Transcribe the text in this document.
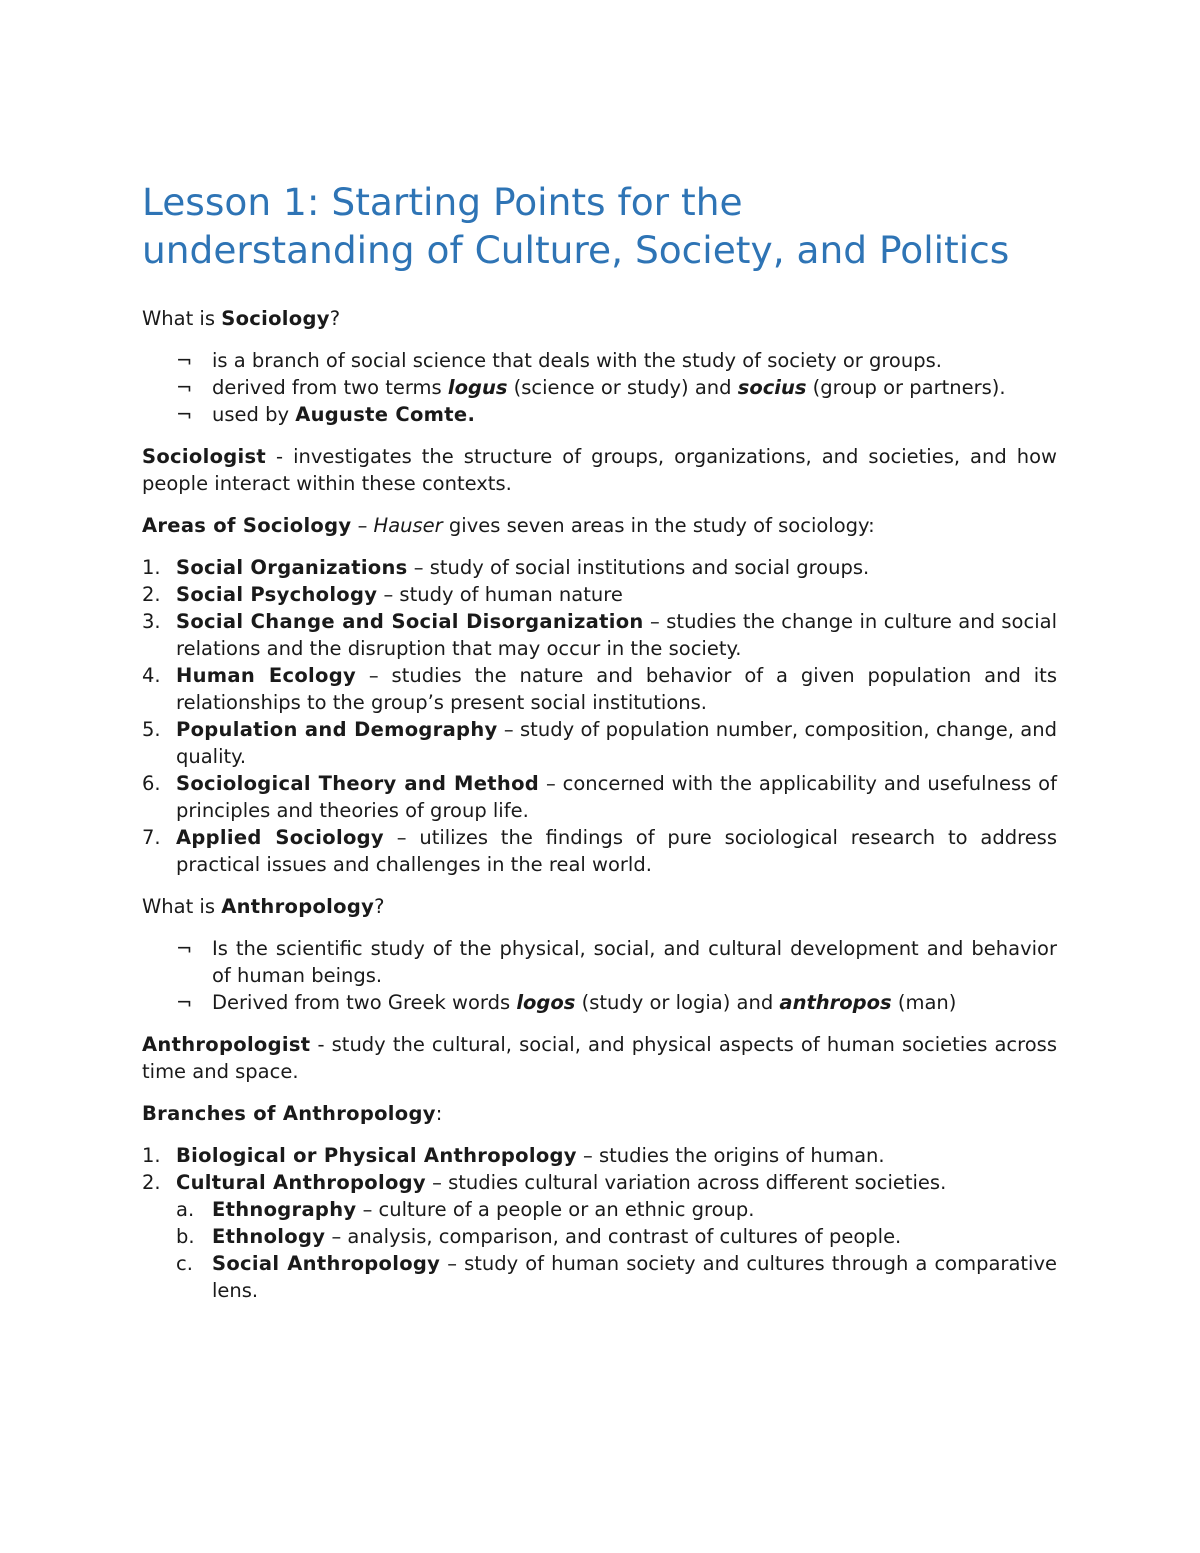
Lesson 1: Starting Points for the
understanding of Culture, Society, and Politics

What is Sociology?

¬ is a branch of social science that deals with the study of society or groups.
¬ derived from two terms logus (science or study) and socius (group or partners).
¬ used by Auguste Comte.

Sociologist - investigates the structure of groups, organizations, and societies, and how people interact within these contexts.

Areas of Sociology – Hauser gives seven areas in the study of sociology:

1. Social Organizations – study of social institutions and social groups.
2. Social Psychology – study of human nature
3. Social Change and Social Disorganization – studies the change in culture and social relations and the disruption that may occur in the society.
4. Human Ecology – studies the nature and behavior of a given population and its relationships to the group’s present social institutions.
5. Population and Demography – study of population number, composition, change, and quality.
6. Sociological Theory and Method – concerned with the applicability and usefulness of principles and theories of group life.
7. Applied Sociology – utilizes the findings of pure sociological research to address practical issues and challenges in the real world.

What is Anthropology?

¬ Is the scientific study of the physical, social, and cultural development and behavior of human beings.
¬ Derived from two Greek words logos (study or logia) and anthropos (man)

Anthropologist - study the cultural, social, and physical aspects of human societies across time and space.

Branches of Anthropology:

1. Biological or Physical Anthropology – studies the origins of human.
2. Cultural Anthropology – studies cultural variation across different societies.
a. Ethnography – culture of a people or an ethnic group.
b. Ethnology – analysis, comparison, and contrast of cultures of people.
c. Social Anthropology – study of human society and cultures through a comparative lens.
